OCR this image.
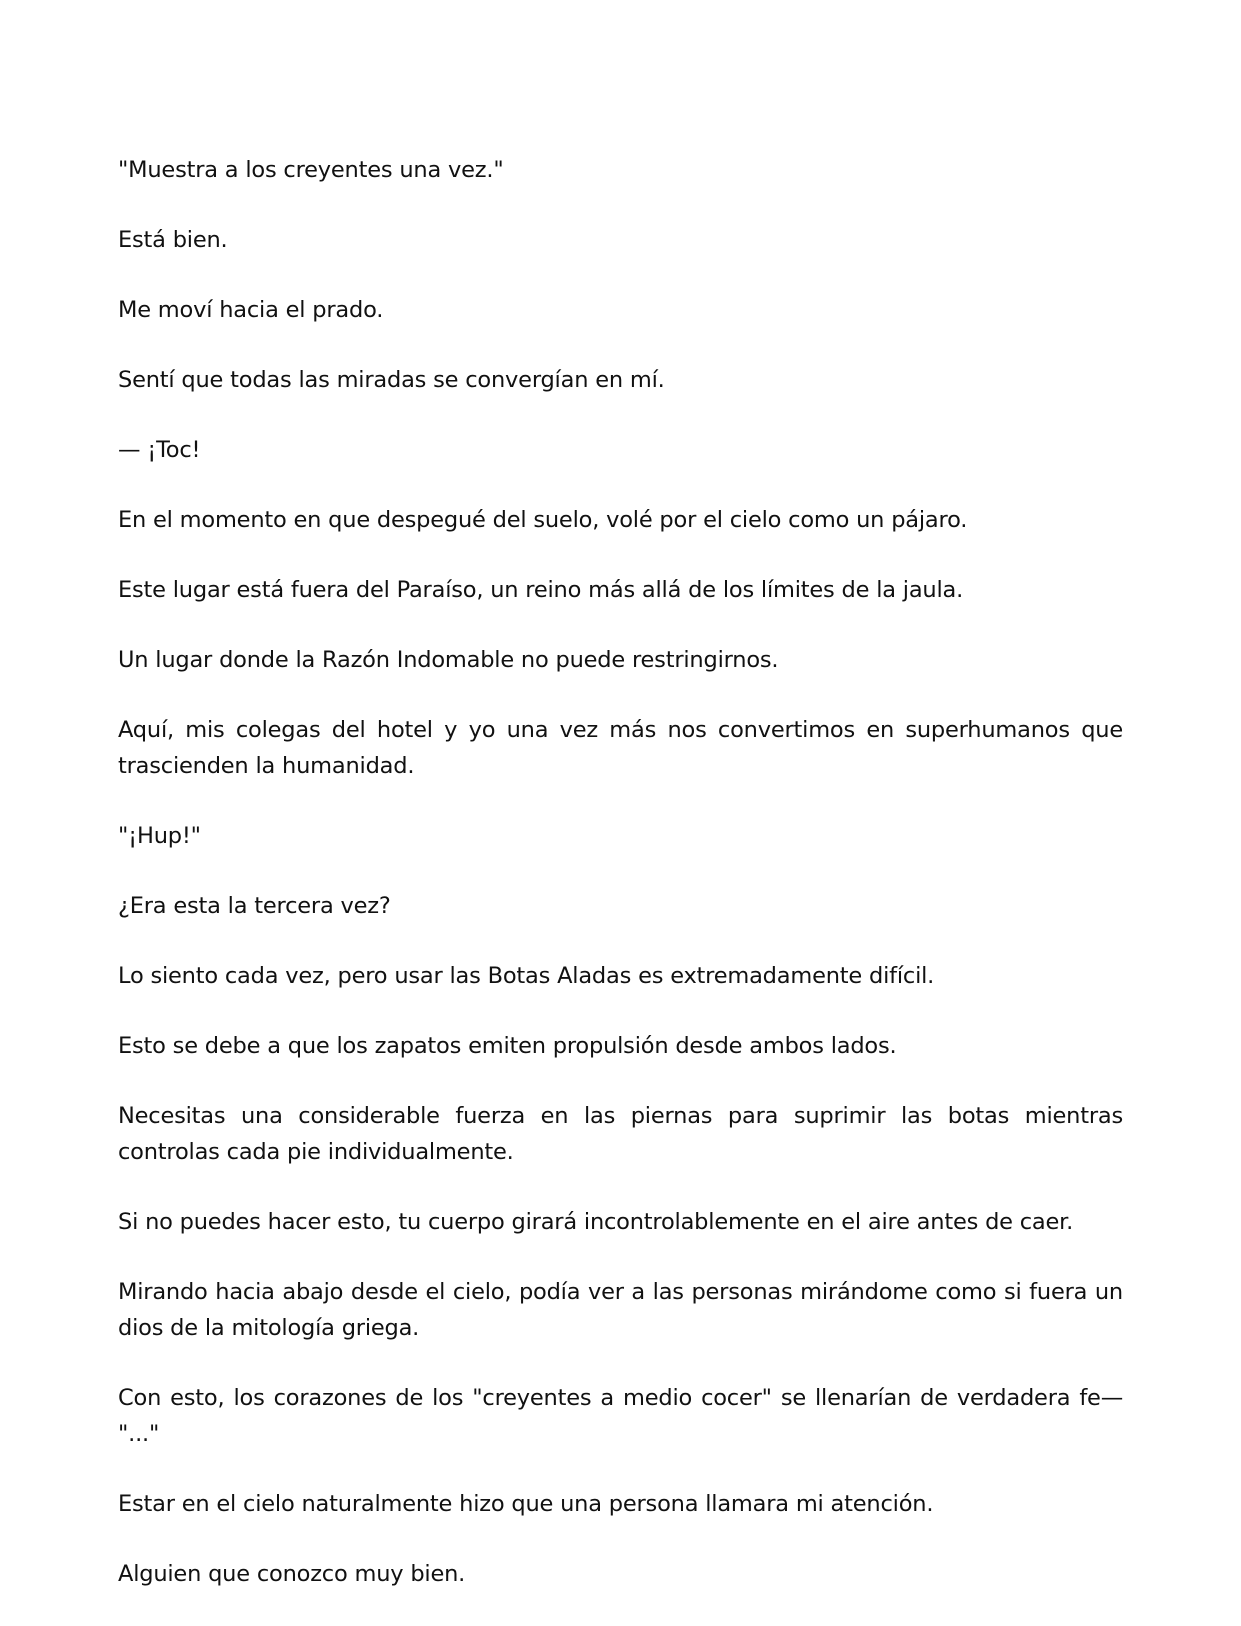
"Muestra a los creyentes una vez."

Está bien.

Me moví hacia el prado.

Sentí que todas las miradas se convergían en mí.

— ¡Toc!

En el momento en que despegué del suelo, volé por el cielo como un pájaro.

Este lugar está fuera del Paraíso, un reino más allá de los límites de la jaula.

Un lugar donde la Razón Indomable no puede restringirnos.

Aquí, mis colegas del hotel y yo una vez más nos convertimos en superhumanos que trascienden la humanidad.

"¡Hup!"

¿Era esta la tercera vez?

Lo siento cada vez, pero usar las Botas Aladas es extremadamente difícil.

Esto se debe a que los zapatos emiten propulsión desde ambos lados.

Necesitas una considerable fuerza en las piernas para suprimir las botas mientras controlas cada pie individualmente.

Si no puedes hacer esto, tu cuerpo girará incontrolablemente en el aire antes de caer.

Mirando hacia abajo desde el cielo, podía ver a las personas mirándome como si fuera un dios de la mitología griega.

Con esto, los corazones de los "creyentes a medio cocer" se llenarían de verdadera fe— "..."

Estar en el cielo naturalmente hizo que una persona llamara mi atención.

Alguien que conozco muy bien.
